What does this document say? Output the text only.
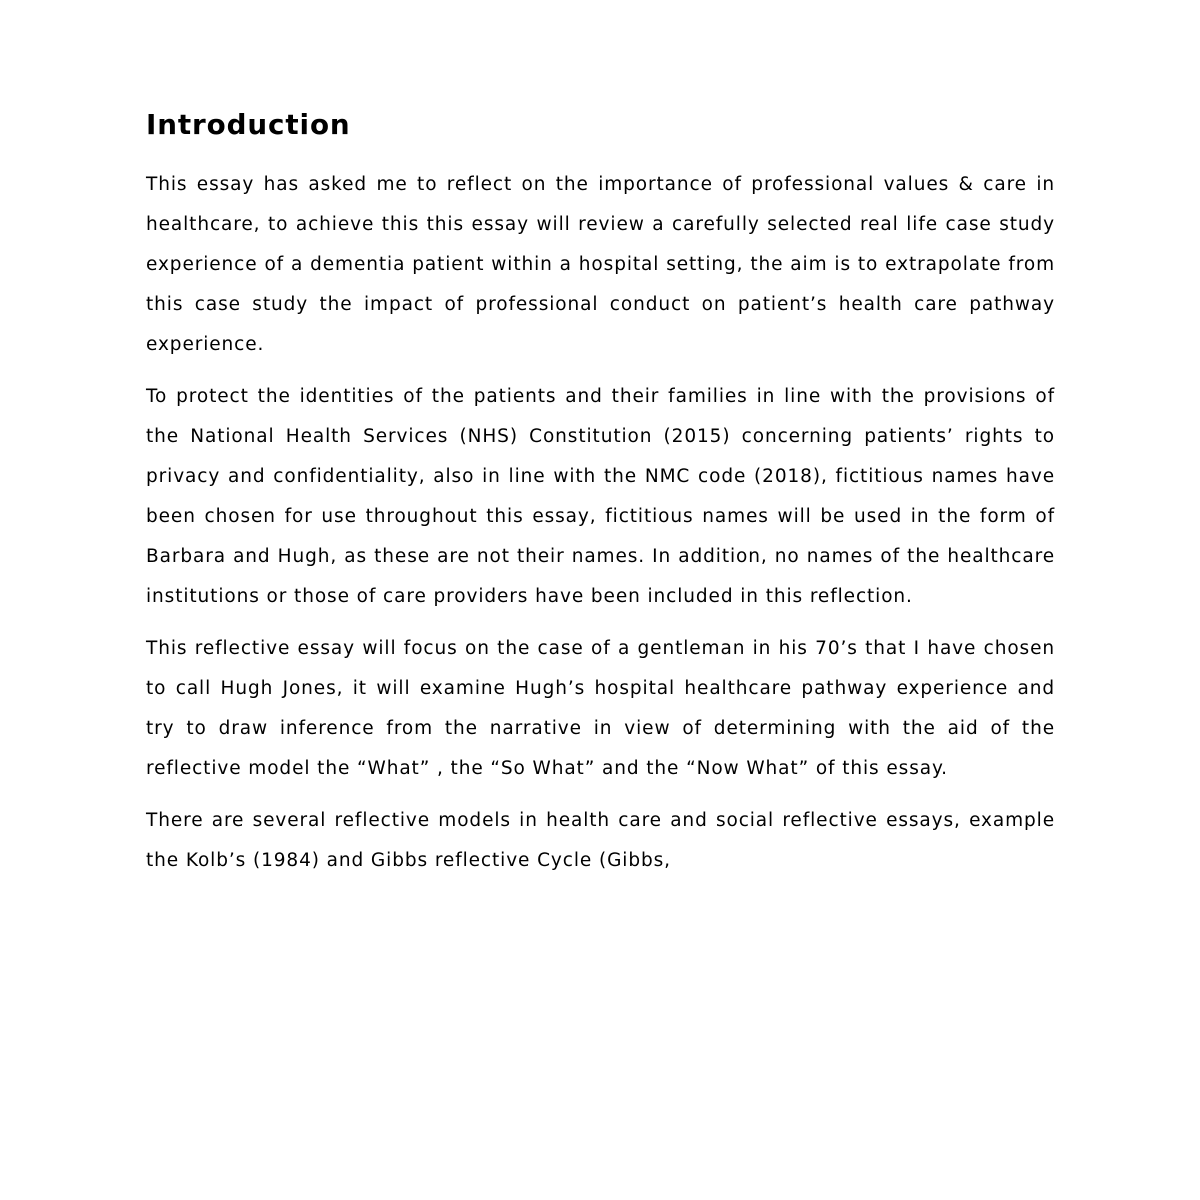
Introduction

This essay has asked me to reflect on the importance of professional values & care in healthcare, to achieve this this essay will review a carefully selected real life case study experience of a dementia patient within a hospital setting, the aim is to extrapolate from this case study the impact of professional conduct on patient’s health care pathway experience.

To protect the identities of the patients and their families in line with the provisions of the National Health Services (NHS) Constitution (2015) concerning patients’ rights to privacy and confidentiality, also in line with the NMC code (2018), fictitious names have been chosen for use throughout this essay, fictitious names will be used in the form of Barbara and Hugh, as these are not their names. In addition, no names of the healthcare institutions or those of care providers have been included in this reflection.

This reflective essay will focus on the case of a gentleman in his 70’s that I have chosen to call Hugh Jones, it will examine Hugh’s hospital healthcare pathway experience and try to draw inference from the narrative in view of determining with the aid of the reflective model the “What” , the “So What” and the “Now What” of this essay.

There are several reflective models in health care and social reflective essays, example the Kolb’s (1984) and Gibbs reflective Cycle (Gibbs,
